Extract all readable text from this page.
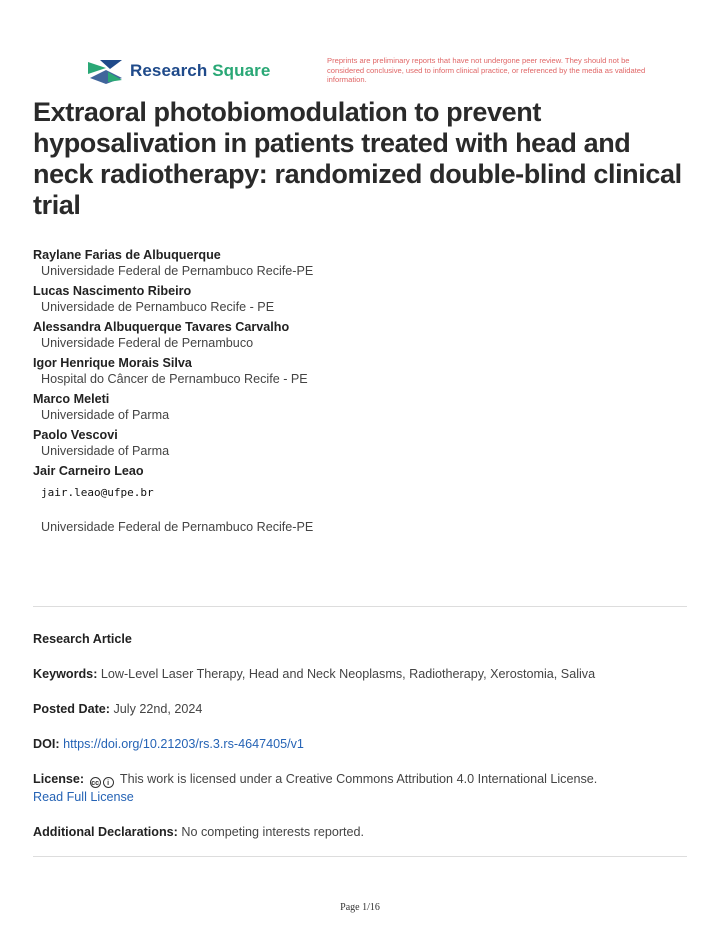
Research Square
Preprints are preliminary reports that have not undergone peer review. They should not be considered conclusive, used to inform clinical practice, or referenced by the media as validated information.
Extraoral photobiomodulation to prevent hyposalivation in patients treated with head and neck radiotherapy: randomized double-blind clinical trial
Raylane Farias de Albuquerque
Universidade Federal de Pernambuco Recife-PE
Lucas Nascimento Ribeiro
Universidade de Pernambuco Recife - PE
Alessandra Albuquerque Tavares Carvalho
Universidade Federal de Pernambuco
Igor Henrique Morais Silva
Hospital do Câncer de Pernambuco Recife - PE
Marco Meleti
Universidade of Parma
Paolo Vescovi
Universidade of Parma
Jair Carneiro Leao
jair.leao@ufpe.br
Universidade Federal de Pernambuco Recife-PE
Research Article
Keywords: Low-Level Laser Therapy, Head and Neck Neoplasms, Radiotherapy, Xerostomia, Saliva
Posted Date: July 22nd, 2024
DOI: https://doi.org/10.21203/rs.3.rs-4647405/v1
License: cc	i This work is licensed under a Creative Commons Attribution 4.0 International License.
Read Full License
Additional Declarations: No competing interests reported.
Page 1/16
